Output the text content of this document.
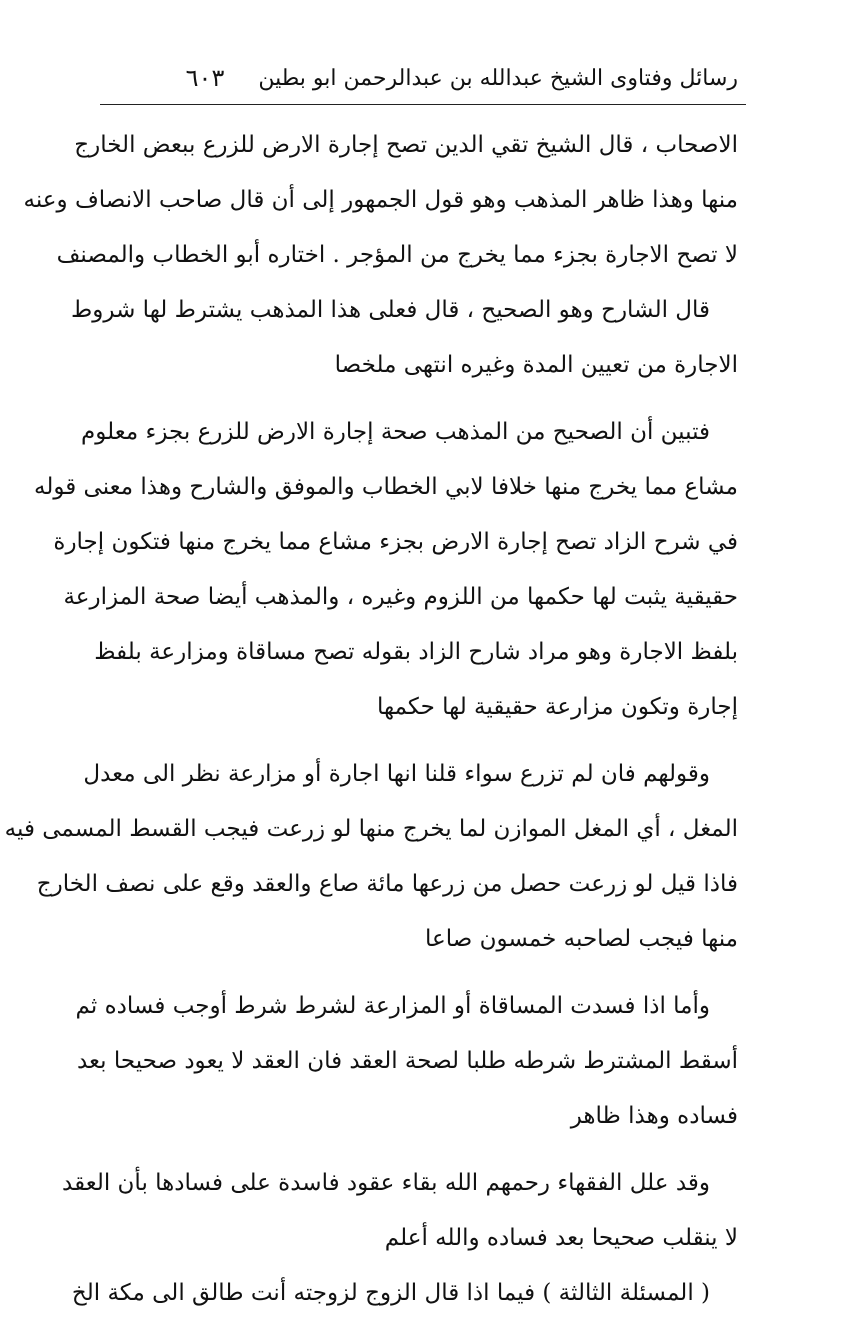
رسائل وفتاوى الشيخ عبدالله بن عبدالرحمن ابو بطين
٦٠٣
الاصحاب ، قال الشيخ تقي الدين تصح إجارة الارض للزرع ببعض الخارج
منها وهذا ظاهر المذهب وهو قول الجمهور إلى أن قال صاحب الانصاف وعنه
لا تصح الاجارة بجزء مما يخرج من المؤجر . اختاره أبو الخطاب والمصنف
قال الشارح وهو الصحيح ، قال فعلى هذا المذهب يشترط لها شروط
الاجارة من تعيين المدة وغيره انتهى ملخصا
فتبين أن الصحيح من المذهب صحة إجارة الارض للزرع بجزء معلوم
مشاع مما يخرج منها خلافا لابي الخطاب والموفق والشارح وهذا معنى قوله
في شرح الزاد تصح إجارة الارض بجزء مشاع مما يخرج منها فتكون إجارة
حقيقية يثبت لها حكمها من اللزوم وغيره ، والمذهب أيضا صحة المزارعة
بلفظ الاجارة وهو مراد شارح الزاد بقوله تصح مساقاة ومزارعة بلفظ
إجارة وتكون مزارعة حقيقية لها حكمها
وقولهم فان لم تزرع سواء قلنا انها اجارة أو مزارعة نظر الى معدل
المغل ، أي المغل الموازن لما يخرج منها لو زرعت فيجب القسط المسمى فيه
فاذا قيل لو زرعت حصل من زرعها مائة صاع والعقد وقع على نصف الخارج
منها فيجب لصاحبه خمسون صاعا
وأما اذا فسدت المساقاة أو المزارعة لشرط شرط أوجب فساده ثم
أسقط المشترط شرطه طلبا لصحة العقد فان العقد لا يعود صحيحا بعد
فساده وهذا ظاهر
وقد علل الفقهاء رحمهم الله بقاء عقود فاسدة على فسادها بأن العقد
لا ينقلب صحيحا بعد فساده والله أعلم
( المسئلة الثالثة ) فيما اذا قال الزوج لزوجته أنت طالق الى مكة الخ
